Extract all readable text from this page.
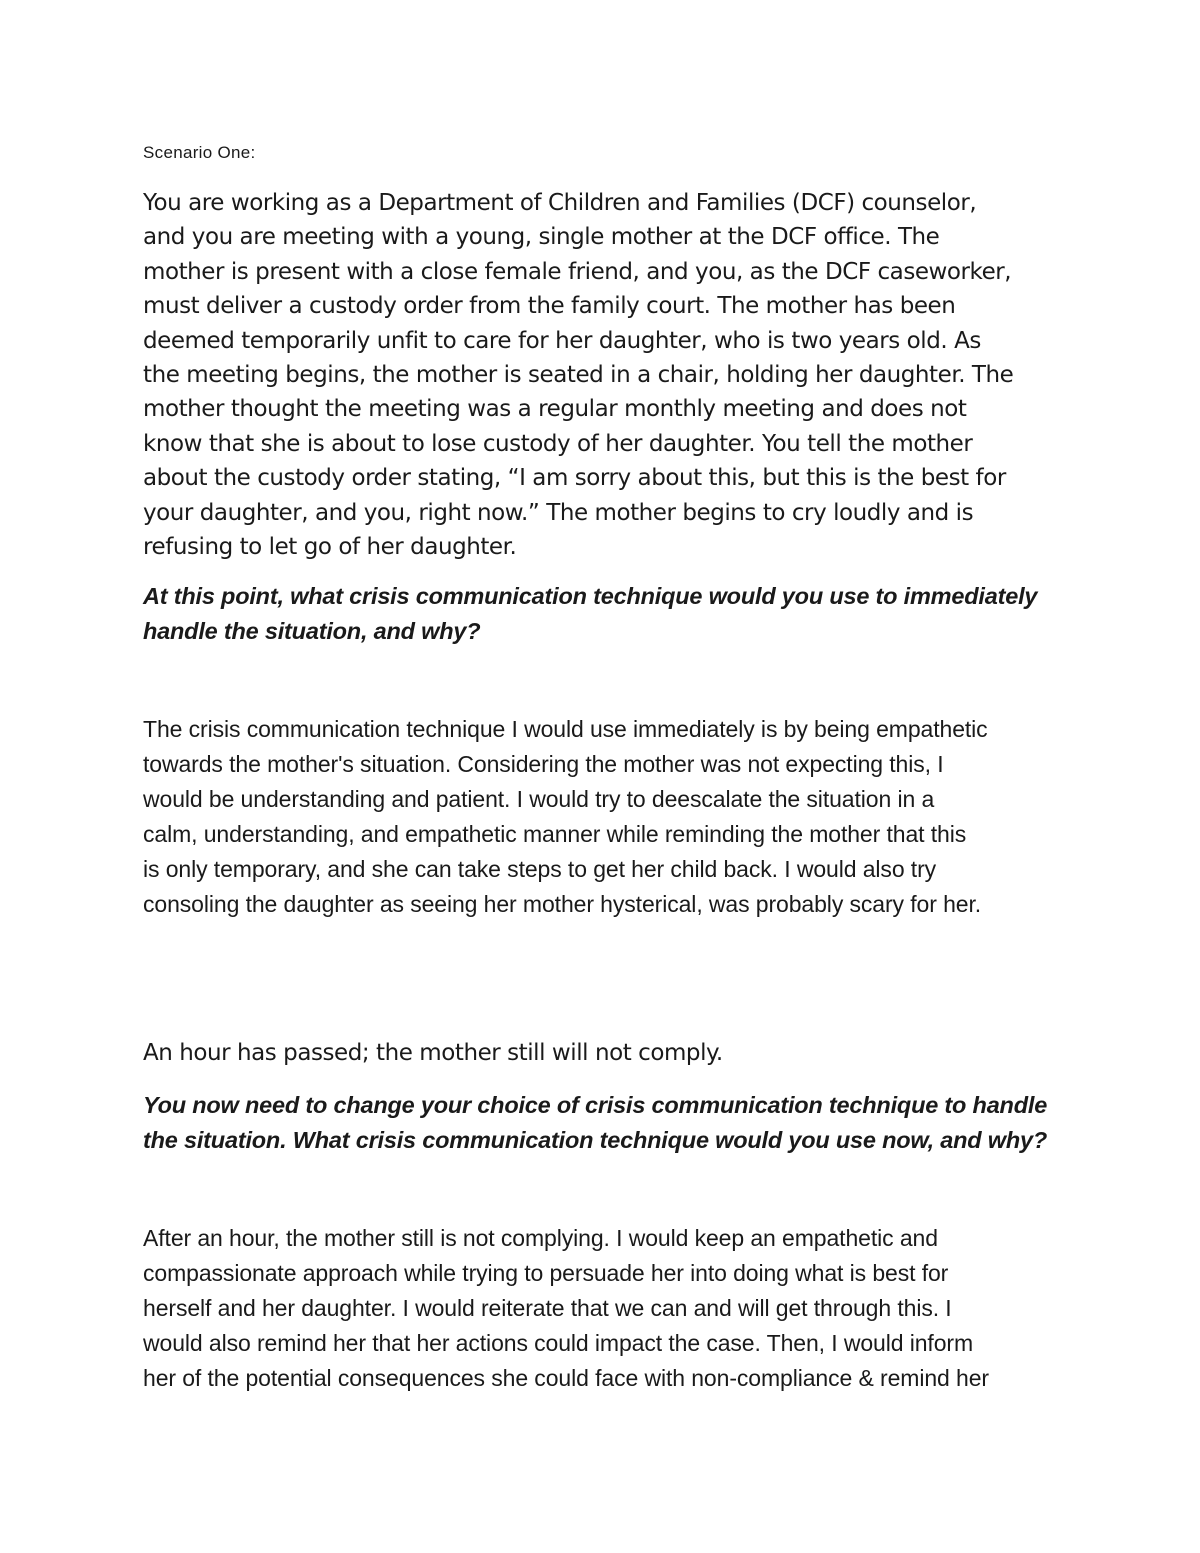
Scenario One:

You are working as a Department of Children and Families (DCF) counselor,
and you are meeting with a young, single mother at the DCF office. The
mother is present with a close female friend, and you, as the DCF caseworker,
must deliver a custody order from the family court. The mother has been
deemed temporarily unfit to care for her daughter, who is two years old. As
the meeting begins, the mother is seated in a chair, holding her daughter. The
mother thought the meeting was a regular monthly meeting and does not
know that she is about to lose custody of her daughter. You tell the mother
about the custody order stating, “I am sorry about this, but this is the best for
your daughter, and you, right now.” The mother begins to cry loudly and is
refusing to let go of her daughter.

At this point, what crisis communication technique would you use to immediately
handle the situation, and why?

The crisis communication technique I would use immediately is by being empathetic
towards the mother's situation. Considering the mother was not expecting this, I
would be understanding and patient. I would try to deescalate the situation in a
calm, understanding, and empathetic manner while reminding the mother that this
is only temporary, and she can take steps to get her child back. I would also try
consoling the daughter as seeing her mother hysterical, was probably scary for her.

An hour has passed; the mother still will not comply.

You now need to change your choice of crisis communication technique to handle
the situation. What crisis communication technique would you use now, and why?

After an hour, the mother still is not complying. I would keep an empathetic and
compassionate approach while trying to persuade her into doing what is best for
herself and her daughter. I would reiterate that we can and will get through this. I
would also remind her that her actions could impact the case. Then, I would inform
her of the potential consequences she could face with non-compliance & remind her
